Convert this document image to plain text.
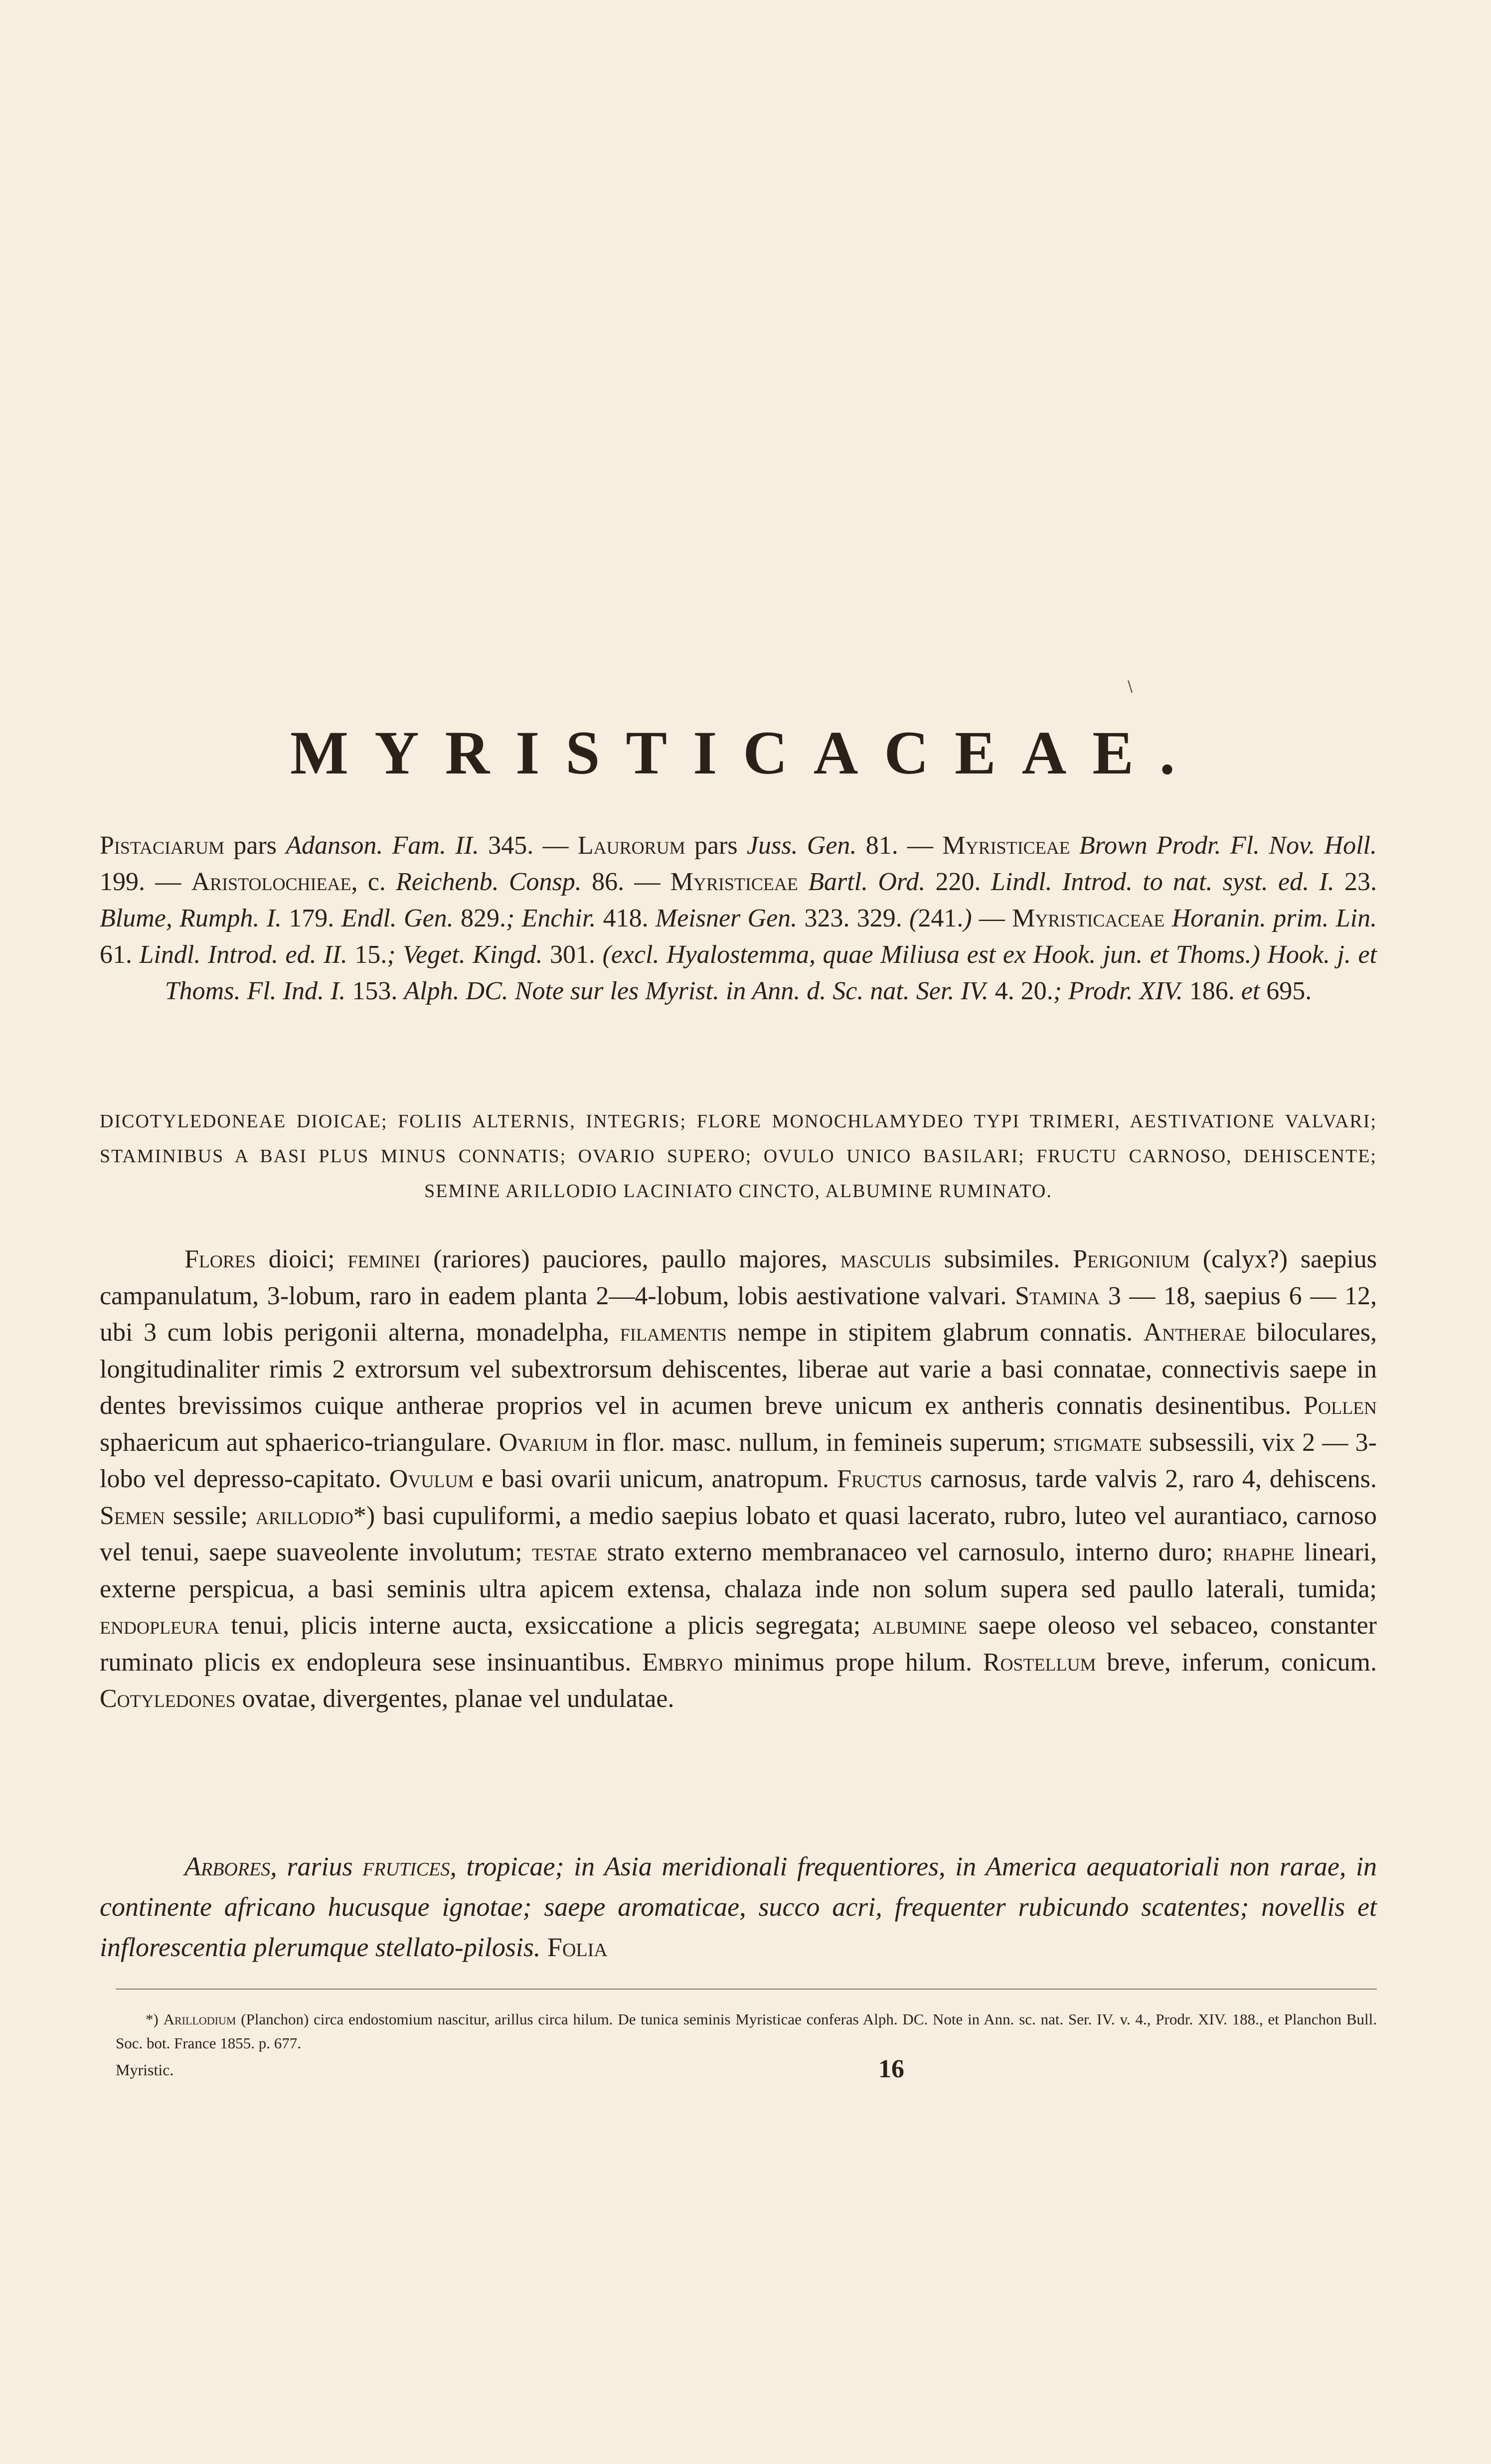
\
MYRISTICACEAE.
Pistaciarum pars Adanson. Fam. II. 345. — Laurorum pars Juss. Gen. 81. — Myristiceae Brown Prodr. Fl. Nov. Holl. 199. — Aristolochieae, c. Reichenb. Consp. 86. — Myristiceae Bartl. Ord. 220. Lindl. Introd. to nat. syst. ed. I. 23. Blume, Rumph. I. 179. Endl. Gen. 829.; Enchir. 418. Meisner Gen. 323. 329. (241.) — Myristicaceae Horanin. prim. Lin. 61. Lindl. Introd. ed. II. 15.; Veget. Kingd. 301. (excl. Hyalostemma, quae Miliusa est ex Hook. jun. et Thoms.) Hook. j. et Thoms. Fl. Ind. I. 153. Alph. DC. Note sur les Myrist. in Ann. d. Sc. nat. Ser. IV. 4. 20.; Prodr. XIV. 186. et 695.
DICOTYLEDONEAE DIOICAE; FOLIIS ALTERNIS, INTEGRIS; FLORE MONOCHLAMYDEO TYPI TRIMERI, AESTIVATIONE VALVARI; STAMINIBUS A BASI PLUS MINUS CONNATIS; OVARIO SUPERO; OVULO UNICO BASILARI; FRUCTU CARNOSO, DEHISCENTE; SEMINE ARILLODIO LACINIATO CINCTO, ALBUMINE RUMINATO.
Flores dioici; feminei (rariores) pauciores, paullo majores, masculis subsimiles. Perigonium (calyx?) saepius campanulatum, 3-lobum, raro in eadem planta 2—4-lobum, lobis aestivatione valvari. Stamina 3 — 18, saepius 6 — 12, ubi 3 cum lobis perigonii alterna, monadelpha, filamentis nempe in stipitem glabrum connatis. Antherae biloculares, longitudinaliter rimis 2 extrorsum vel subextrorsum dehiscentes, liberae aut varie a basi connatae, connectivis saepe in dentes brevissimos cuique antherae proprios vel in acumen breve unicum ex antheris connatis desinentibus. Pollen sphaericum aut sphaerico-triangulare. Ovarium in flor. masc. nullum, in femineis superum; stigmate subsessili, vix 2 — 3-lobo vel depresso-capitato. Ovulum e basi ovarii unicum, anatropum. Fructus carnosus, tarde valvis 2, raro 4, dehiscens. Semen sessile; arillodio*) basi cupuliformi, a medio saepius lobato et quasi lacerato, rubro, luteo vel aurantiaco, carnoso vel tenui, saepe suaveolente involutum; testae strato externo membranaceo vel carnosulo, interno duro; rhaphe lineari, externe perspicua, a basi seminis ultra apicem extensa, chalaza inde non solum supera sed paullo laterali, tumida; endopleura tenui, plicis interne aucta, exsiccatione a plicis segregata; albumine saepe oleoso vel sebaceo, constanter ruminato plicis ex endopleura sese insinuantibus. Embryo minimus prope hilum. Rostellum breve, inferum, conicum. Cotyledones ovatae, divergentes, planae vel undulatae.
Arbores, rarius frutices, tropicae; in Asia meridionali frequentiores, in America aequatoriali non rarae, in continente africano hucusque ignotae; saepe aromaticae, succo acri, frequenter rubicundo scatentes; novellis et inflorescentia plerumque stellato-pilosis. Folia
*) Arillodium (Planchon) circa endostomium nascitur, arillus circa hilum. De tunica seminis Myristicae conferas Alph. DC. Note in Ann. sc. nat. Ser. IV. v. 4., Prodr. XIV. 188., et Planchon Bull. Soc. bot. France 1855. p. 677.
Myristic.	16
